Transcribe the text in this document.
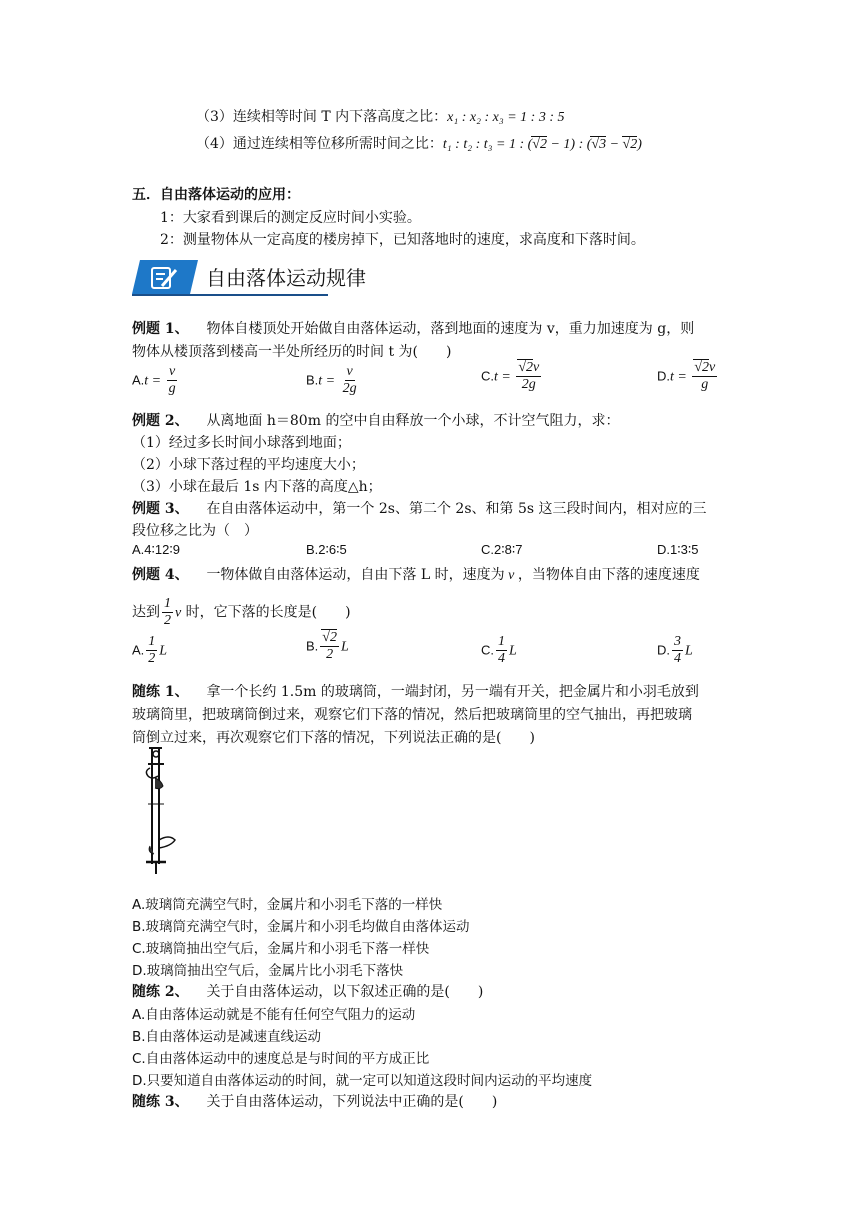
（3）连续相等时间 T 内下落高度之比：x₁ : x₂ : x₃ = 1 : 3 : 5
（4）通过连续相等位移所需时间之比：t₁ : t₂ : t₃ = 1 : (√2 − 1) : (√3 − √2)
五．自由落体运动的应用：
1：大家看到课后的测定反应时间小实验。
2：测量物体从一定高度的楼房掉下，已知落地时的速度，求高度和下落时间。
自由落体运动规律
例题 1、 物体自楼顶处开始做自由落体运动，落到地面的速度为 v，重力加速度为 g，则
物体从楼顶落到楼高一半处所经历的时间 t 为(　　)
$A.t = \frac{v}{g}$	$B.t = \frac{v}{2g}$	$C.t = \frac{√2v}{2g}$	$D.t = \frac{√2v}{g}$
例题 2、 从离地面 h＝80m 的空中自由释放一个小球，不计空气阻力，求：
（1）经过多长时间小球落到地面；
（2）小球下落过程的平均速度大小；
（3）小球在最后 1s 内下落的高度△h；
例题 3、 在自由落体运动中，第一个 2s、第二个 2s、和第 5s 这三段时间内，相对应的三
段位移之比为（　）
A.4∶12∶9	B.2∶6∶5	C.2∶8∶7	D.1∶3∶5
例题 4、 一物体做自由落体运动，自由下落 L 时，速度为 v ，当物体自由下落的速度速度
达到 $\frac{1}{2}$ v 时，它下落的长度是(　　)
A. $\frac{1}{2}$ L	B. $\frac{√2}{2}$ L	C. $\frac{1}{4}$ L	D. $\frac{3}{4}$ L
随练 1、 拿一个长约 1.5m 的玻璃筒，一端封闭，另一端有开关，把金属片和小羽毛放到
玻璃筒里，把玻璃筒倒过来，观察它们下落的情况，然后把玻璃筒里的空气抽出，再把玻璃
筒倒立过来，再次观察它们下落的情况，下列说法正确的是(　　)
A.玻璃筒充满空气时，金属片和小羽毛下落的一样快
B.玻璃筒充满空气时，金属片和小羽毛均做自由落体运动
C.玻璃筒抽出空气后，金属片和小羽毛下落一样快
D.玻璃筒抽出空气后，金属片比小羽毛下落快
随练 2、 关于自由落体运动，以下叙述正确的是(　　)
A.自由落体运动就是不能有任何空气阻力的运动
B.自由落体运动是减速直线运动
C.自由落体运动中的速度总是与时间的平方成正比
D.只要知道自由落体运动的时间，就一定可以知道这段时间内运动的平均速度
随练 3、 关于自由落体运动，下列说法中正确的是(　　)
